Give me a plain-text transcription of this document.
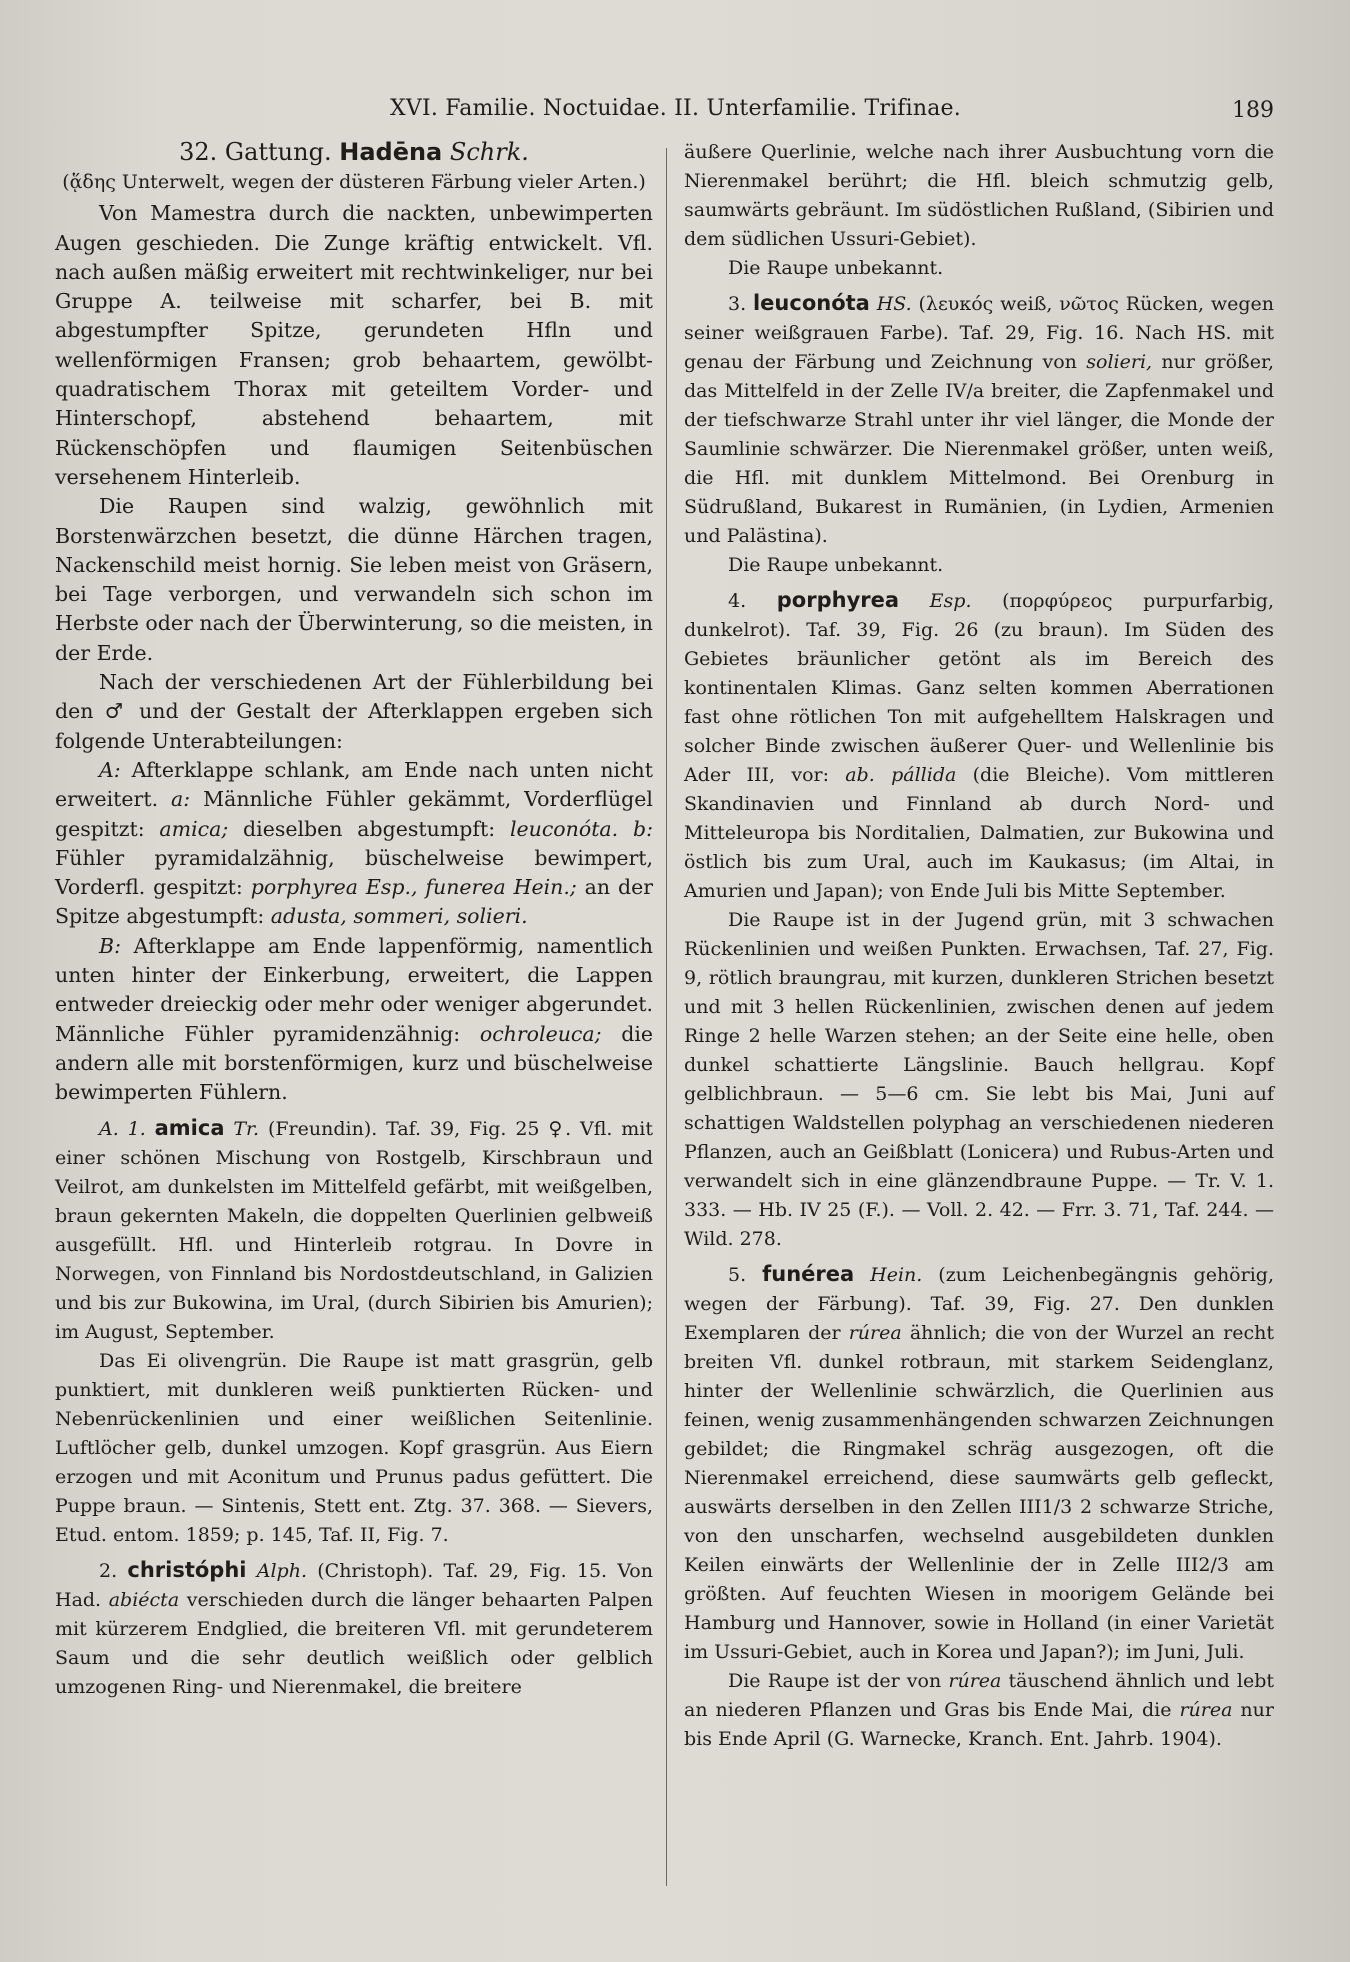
XVI. Familie. Noctuidae. II. Unterfamilie. Trifinae.	189
32. Gattung. Hadēna Schrk.
(ᾅδης Unterwelt, wegen der düsteren Färbung vieler Arten.)

Von Mamestra durch die nackten, unbewimperten Augen geschieden. Die Zunge kräftig entwickelt. Vfl. nach außen mäßig erweitert mit rechtwinkeliger, nur bei Gruppe A. teilweise mit scharfer, bei B. mit abgestumpfter Spitze, gerundeten Hfln und wellenförmigen Fransen; grob behaartem, gewölbt-quadratischem Thorax mit geteiltem Vorder- und Hinterschopf, abstehend behaartem, mit Rückenschöpfen und flaumigen Seitenbüschen versehenem Hinterleib.

Die Raupen sind walzig, gewöhnlich mit Borstenwärzchen besetzt, die dünne Härchen tragen, Nackenschild meist hornig. Sie leben meist von Gräsern, bei Tage verborgen, und verwandeln sich schon im Herbste oder nach der Überwinterung, so die meisten, in der Erde.

Nach der verschiedenen Art der Fühlerbildung bei den ♂ und der Gestalt der Afterklappen ergeben sich folgende Unterabteilungen:

A: Afterklappe schlank, am Ende nach unten nicht erweitert. a: Männliche Fühler gekämmt, Vorderflügel gespitzt: amica; dieselben abgestumpft: leuconóta. b: Fühler pyramidalzähnig, büschelweise bewimpert, Vorderfl. gespitzt: porphyrea Esp., funerea Hein.; an der Spitze abgestumpft: adusta, sommeri, solieri.

B: Afterklappe am Ende lappenförmig, namentlich unten hinter der Einkerbung, erweitert, die Lappen entweder dreieckig oder mehr oder weniger abgerundet. Männliche Fühler pyramidenzähnig: ochroleuca; die andern alle mit borstenförmigen, kurz und büschelweise bewimperten Fühlern.

A. 1. amica Tr. (Freundin). Taf. 39, Fig. 25 ♀. Vfl. mit einer schönen Mischung von Rostgelb, Kirschbraun und Veilrot, am dunkelsten im Mittelfeld gefärbt, mit weißgelben, braun gekernten Makeln, die doppelten Querlinien gelbweiß ausgefüllt. Hfl. und Hinterleib rotgrau. In Dovre in Norwegen, von Finnland bis Nordostdeutschland, in Galizien und bis zur Bukowina, im Ural, (durch Sibirien bis Amurien); im August, September.

Das Ei olivengrün. Die Raupe ist matt grasgrün, gelb punktiert, mit dunkleren weiß punktierten Rücken- und Nebenrückenlinien und einer weißlichen Seitenlinie. Luftlöcher gelb, dunkel umzogen. Kopf grasgrün. Aus Eiern erzogen und mit Aconitum und Prunus padus gefüttert. Die Puppe braun. — Sintenis, Stett ent. Ztg. 37. 368. — Sievers, Etud. entom. 1859; p. 145, Taf. II, Fig. 7.

2. christóphi Alph. (Christoph). Taf. 29, Fig. 15. Von Had. abiécta verschieden durch die länger behaarten Palpen mit kürzerem Endglied, die breiteren Vfl. mit gerundeterem Saum und die sehr deutlich weißlich oder gelblich umzogenen Ring- und Nierenmakel, die breitere

äußere Querlinie, welche nach ihrer Ausbuchtung vorn die Nierenmakel berührt; die Hfl. bleich schmutzig gelb, saumwärts gebräunt. Im südöstlichen Rußland, (Sibirien und dem südlichen Ussuri-Gebiet).

Die Raupe unbekannt.

3. leuconóta HS. (λευκός weiß, νῶτος Rücken, wegen seiner weißgrauen Farbe). Taf. 29, Fig. 16. Nach HS. mit genau der Färbung und Zeichnung von solieri, nur größer, das Mittelfeld in der Zelle IV/a breiter, die Zapfenmakel und der tiefschwarze Strahl unter ihr viel länger, die Monde der Saumlinie schwärzer. Die Nierenmakel größer, unten weiß, die Hfl. mit dunklem Mittelmond. Bei Orenburg in Südrußland, Bukarest in Rumänien, (in Lydien, Armenien und Palästina).

Die Raupe unbekannt.

4. porphyrea Esp. (πορφύρεος purpurfarbig, dunkelrot). Taf. 39, Fig. 26 (zu braun). Im Süden des Gebietes bräunlicher getönt als im Bereich des kontinentalen Klimas. Ganz selten kommen Aberrationen fast ohne rötlichen Ton mit aufgehelltem Halskragen und solcher Binde zwischen äußerer Quer- und Wellenlinie bis Ader III, vor: ab. pállida (die Bleiche). Vom mittleren Skandinavien und Finnland ab durch Nord- und Mitteleuropa bis Norditalien, Dalmatien, zur Bukowina und östlich bis zum Ural, auch im Kaukasus; (im Altai, in Amurien und Japan); von Ende Juli bis Mitte September.

Die Raupe ist in der Jugend grün, mit 3 schwachen Rückenlinien und weißen Punkten. Erwachsen, Taf. 27, Fig. 9, rötlich braungrau, mit kurzen, dunkleren Strichen besetzt und mit 3 hellen Rückenlinien, zwischen denen auf jedem Ringe 2 helle Warzen stehen; an der Seite eine helle, oben dunkel schattierte Längslinie. Bauch hellgrau. Kopf gelblichbraun. — 5—6 cm. Sie lebt bis Mai, Juni auf schattigen Waldstellen polyphag an verschiedenen niederen Pflanzen, auch an Geißblatt (Lonicera) und Rubus-Arten und verwandelt sich in eine glänzendbraune Puppe. — Tr. V. 1. 333. — Hb. IV 25 (F.). — Voll. 2. 42. — Frr. 3. 71, Taf. 244. — Wild. 278.

5. funérea Hein. (zum Leichenbegängnis gehörig, wegen der Färbung). Taf. 39, Fig. 27. Den dunklen Exemplaren der rúrea ähnlich; die von der Wurzel an recht breiten Vfl. dunkel rotbraun, mit starkem Seidenglanz, hinter der Wellenlinie schwärzlich, die Querlinien aus feinen, wenig zusammenhängenden schwarzen Zeichnungen gebildet; die Ringmakel schräg ausgezogen, oft die Nierenmakel erreichend, diese saumwärts gelb gefleckt, auswärts derselben in den Zellen III1/3 2 schwarze Striche, von den unscharfen, wechselnd ausgebildeten dunklen Keilen einwärts der Wellenlinie der in Zelle III2/3 am größten. Auf feuchten Wiesen in moorigem Gelände bei Hamburg und Hannover, sowie in Holland (in einer Varietät im Ussuri-Gebiet, auch in Korea und Japan?); im Juni, Juli.

Die Raupe ist der von rúrea täuschend ähnlich und lebt an niederen Pflanzen und Gras bis Ende Mai, die rúrea nur bis Ende April (G. Warnecke, Kranch. Ent. Jahrb. 1904).
